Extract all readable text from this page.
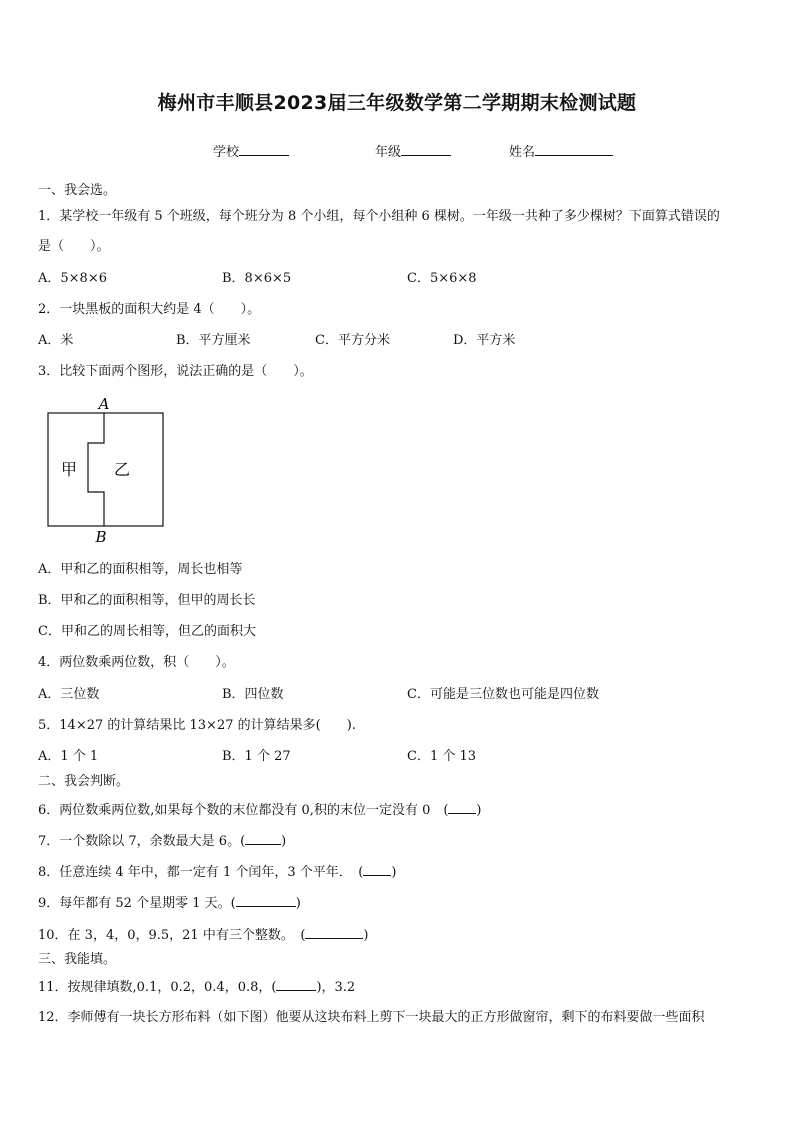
梅州市丰顺县2023届三年级数学第二学期期末检测试题
学校	年级	姓名
一、我会选。
1．某学校一年级有 5 个班级，每个班分为 8 个小组，每个小组种 6 棵树。一年级一共种了多少棵树？下面算式错误的
是（　　）。
A．5×8×6	B．8×6×5	C．5×6×8
2．一块黑板的面积大约是 4（　　）。
A．米	B．平方厘米	C．平方分米	D．平方米
3．比较下面两个图形，说法正确的是（　　）。
A
B
甲 乙
A．甲和乙的面积相等，周长也相等
B．甲和乙的面积相等，但甲的周长长
C．甲和乙的周长相等，但乙的面积大
4．两位数乘两位数，积（　　）。
A．三位数	B．四位数	C．可能是三位数也可能是四位数
5．14×27 的计算结果比 13×27 的计算结果多(　　).
A．1 个 1	B．1 个 27	C．1 个 13
二、我会判断。
6．两位数乘两位数,如果每个数的末位都没有 0,积的末位一定没有 0　( )
7．一个数除以 7，余数最大是 6。(	)
8．任意连续 4 年中，都一定有 1 个闰年，3 个平年．　( )
9．每年都有 52 个星期零 1 天。(	)
10．在 3，4，0，9.5，21 中有三个整数。　(	)
三、我能填。
11．按规律填数,0.1，0.2，0.4，0.8，(	)，3.2
12．李师傅有一块长方形布料（如下图）他要从这块布料上剪下一块最大的正方形做窗帘，剩下的布料要做一些面积
